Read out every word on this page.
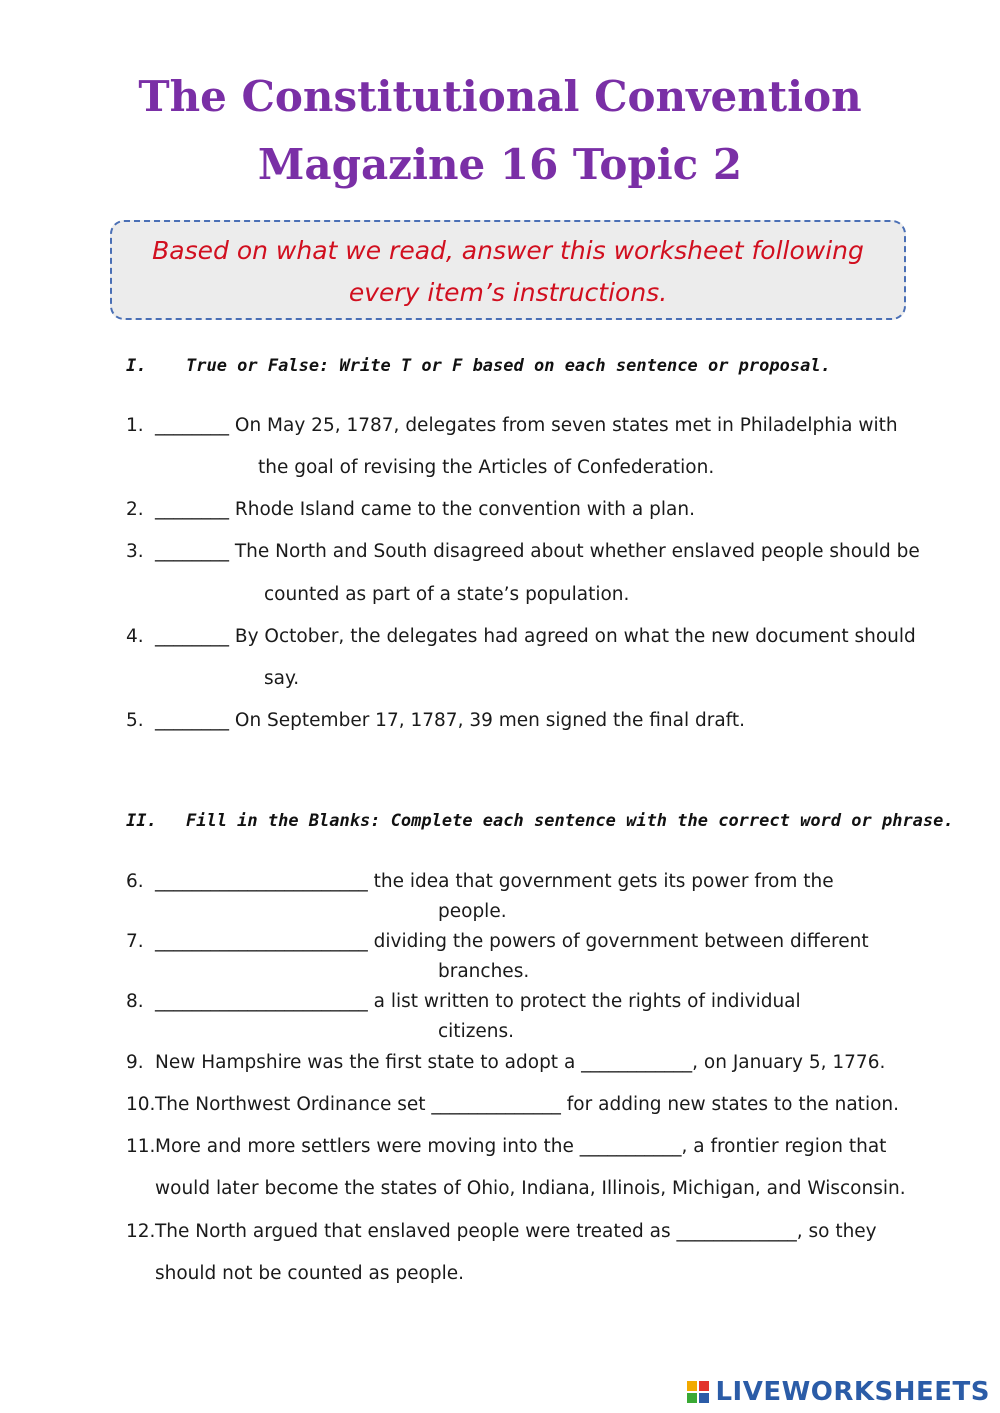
The Constitutional Convention
Magazine 16 Topic 2
Based on what we read, answer this worksheet following
every item’s instructions.
I. True or False: Write T or F based on each sentence or proposal.
1. ________ On May 25, 1787, delegates from seven states met in Philadelphia with
the goal of revising the Articles of Confederation.
2. ________ Rhode Island came to the convention with a plan.
3. ________ The North and South disagreed about whether enslaved people should be
counted as part of a state’s population.
4. ________ By October, the delegates had agreed on what the new document should
say.
5. ________ On September 17, 1787, 39 men signed the final draft.
II. Fill in the Blanks: Complete each sentence with the correct word or phrase.
6. _______________________ the idea that government gets its power from the
people.
7. _______________________ dividing the powers of government between different
branches.
8. _______________________ a list written to protect the rights of individual
citizens.
9. New Hampshire was the first state to adopt a ____________, on January 5, 1776.
10. The Northwest Ordinance set ______________ for adding new states to the nation.
11. More and more settlers were moving into the ___________, a frontier region that
would later become the states of Ohio, Indiana, Illinois, Michigan, and Wisconsin.
12. The North argued that enslaved people were treated as _____________, so they
should not be counted as people.
LIVEWORKSHEETS
